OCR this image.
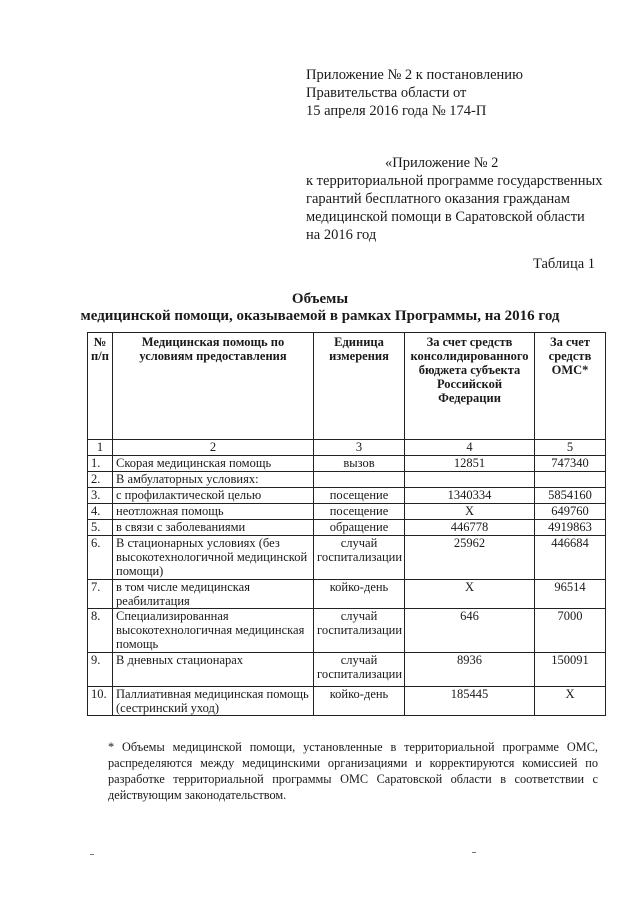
Приложение № 2 к постановлению
Правительства области от
15 апреля 2016 года № 174-П
«Приложение № 2
к территориальной программе государственных
гарантий бесплатного оказания гражданам
медицинской помощи в Саратовской области
на 2016 год
Таблица 1
Объемы
медицинской помощи, оказываемой в рамках Программы, на 2016 год
№ п/п	Медицинская помощь по условиям предоставления	Единица измерения	За счет средств консолидированного бюджета субъекта Российской Федерации	За счет средств ОМС*
1	2	3	4	5
1.	Скорая медицинская помощь	вызов	12851	747340
2.	В амбулаторных условиях:			
3.	с профилактической целью	посещение	1340334	5854160
4.	неотложная помощь	посещение	X	649760
5.	в связи с заболеваниями	обращение	446778	4919863
6.	В стационарных условиях (без высокотехнологичной медицинской помощи)	случай госпитализации	25962	446684
7.	в том числе медицинская реабилитация	койко-день	X	96514
8.	Специализированная высокотехнологичная медицинская помощь	случай госпитализации	646	7000
9.	В дневных стационарах	случай госпитализации	8936	150091
10.	Паллиативная медицинская помощь (сестринский уход)	койко-день	185445	X
* Объемы медицинской помощи, установленные в территориальной программе ОМС, распределяются между медицинскими организациями и корректируются комиссией по разработке территориальной программы ОМС Саратовской области в соответствии с действующим законодательством.
